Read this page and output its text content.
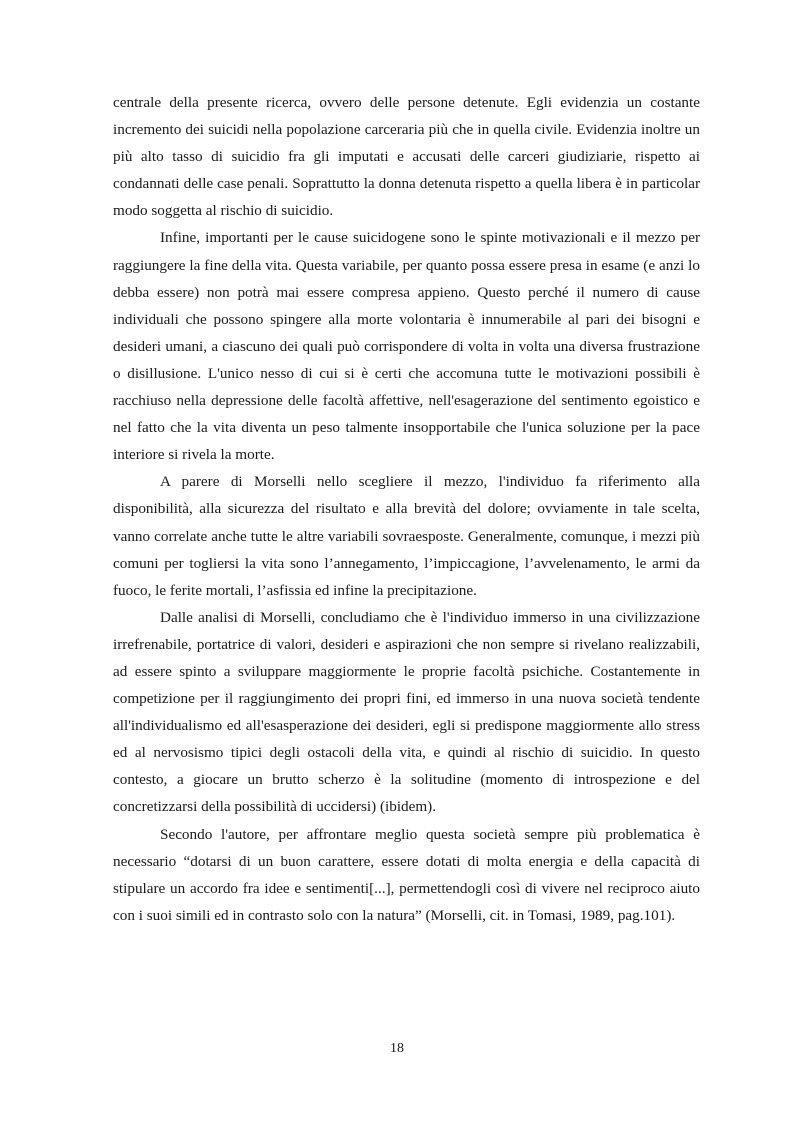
centrale della presente ricerca, ovvero delle persone detenute. Egli evidenzia un costante incremento dei suicidi nella popolazione carceraria più che in quella civile. Evidenzia inoltre un più alto tasso di suicidio fra gli imputati e accusati delle carceri giudiziarie, rispetto ai condannati delle case penali. Soprattutto la donna detenuta rispetto a quella libera è in particolar modo soggetta al rischio di suicidio.

Infine, importanti per le cause suicidogene sono le spinte motivazionali e il mezzo per raggiungere la fine della vita. Questa variabile, per quanto possa essere presa in esame (e anzi lo debba essere) non potrà mai essere compresa appieno. Questo perché il numero di cause individuali che possono spingere alla morte volontaria è innumerabile al pari dei bisogni e desideri umani, a ciascuno dei quali può corrispondere di volta in volta una diversa frustrazione o disillusione. L'unico nesso di cui si è certi che accomuna tutte le motivazioni possibili è racchiuso nella depressione delle facoltà affettive, nell'esagerazione del sentimento egoistico e nel fatto che la vita diventa un peso talmente insopportabile che l'unica soluzione per la pace interiore si rivela la morte.

A parere di Morselli nello scegliere il mezzo, l'individuo fa riferimento alla disponibilità, alla sicurezza del risultato e alla brevità del dolore; ovviamente in tale scelta, vanno correlate anche tutte le altre variabili sovraesposte. Generalmente, comunque, i mezzi più comuni per togliersi la vita sono l’annegamento, l’impiccagione, l’avvelenamento, le armi da fuoco, le ferite mortali, l’asfissia ed infine la precipitazione.

Dalle analisi di Morselli, concludiamo che è l'individuo immerso in una civilizzazione irrefrenabile, portatrice di valori, desideri e aspirazioni che non sempre si rivelano realizzabili, ad essere spinto a sviluppare maggiormente le proprie facoltà psichiche. Costantemente in competizione per il raggiungimento dei propri fini, ed immerso in una nuova società tendente all'individualismo ed all'esasperazione dei desideri, egli si predispone maggiormente allo stress ed al nervosismo tipici degli ostacoli della vita, e quindi al rischio di suicidio. In questo contesto, a giocare un brutto scherzo è la solitudine (momento di introspezione e del concretizzarsi della possibilità di uccidersi) (ibidem).

Secondo l'autore, per affrontare meglio questa società sempre più problematica è necessario “dotarsi di un buon carattere, essere dotati di molta energia e della capacità di stipulare un accordo fra idee e sentimenti[...], permettendogli così di vivere nel reciproco aiuto con i suoi simili ed in contrasto solo con la natura” (Morselli, cit. in Tomasi, 1989, pag.101).

18
